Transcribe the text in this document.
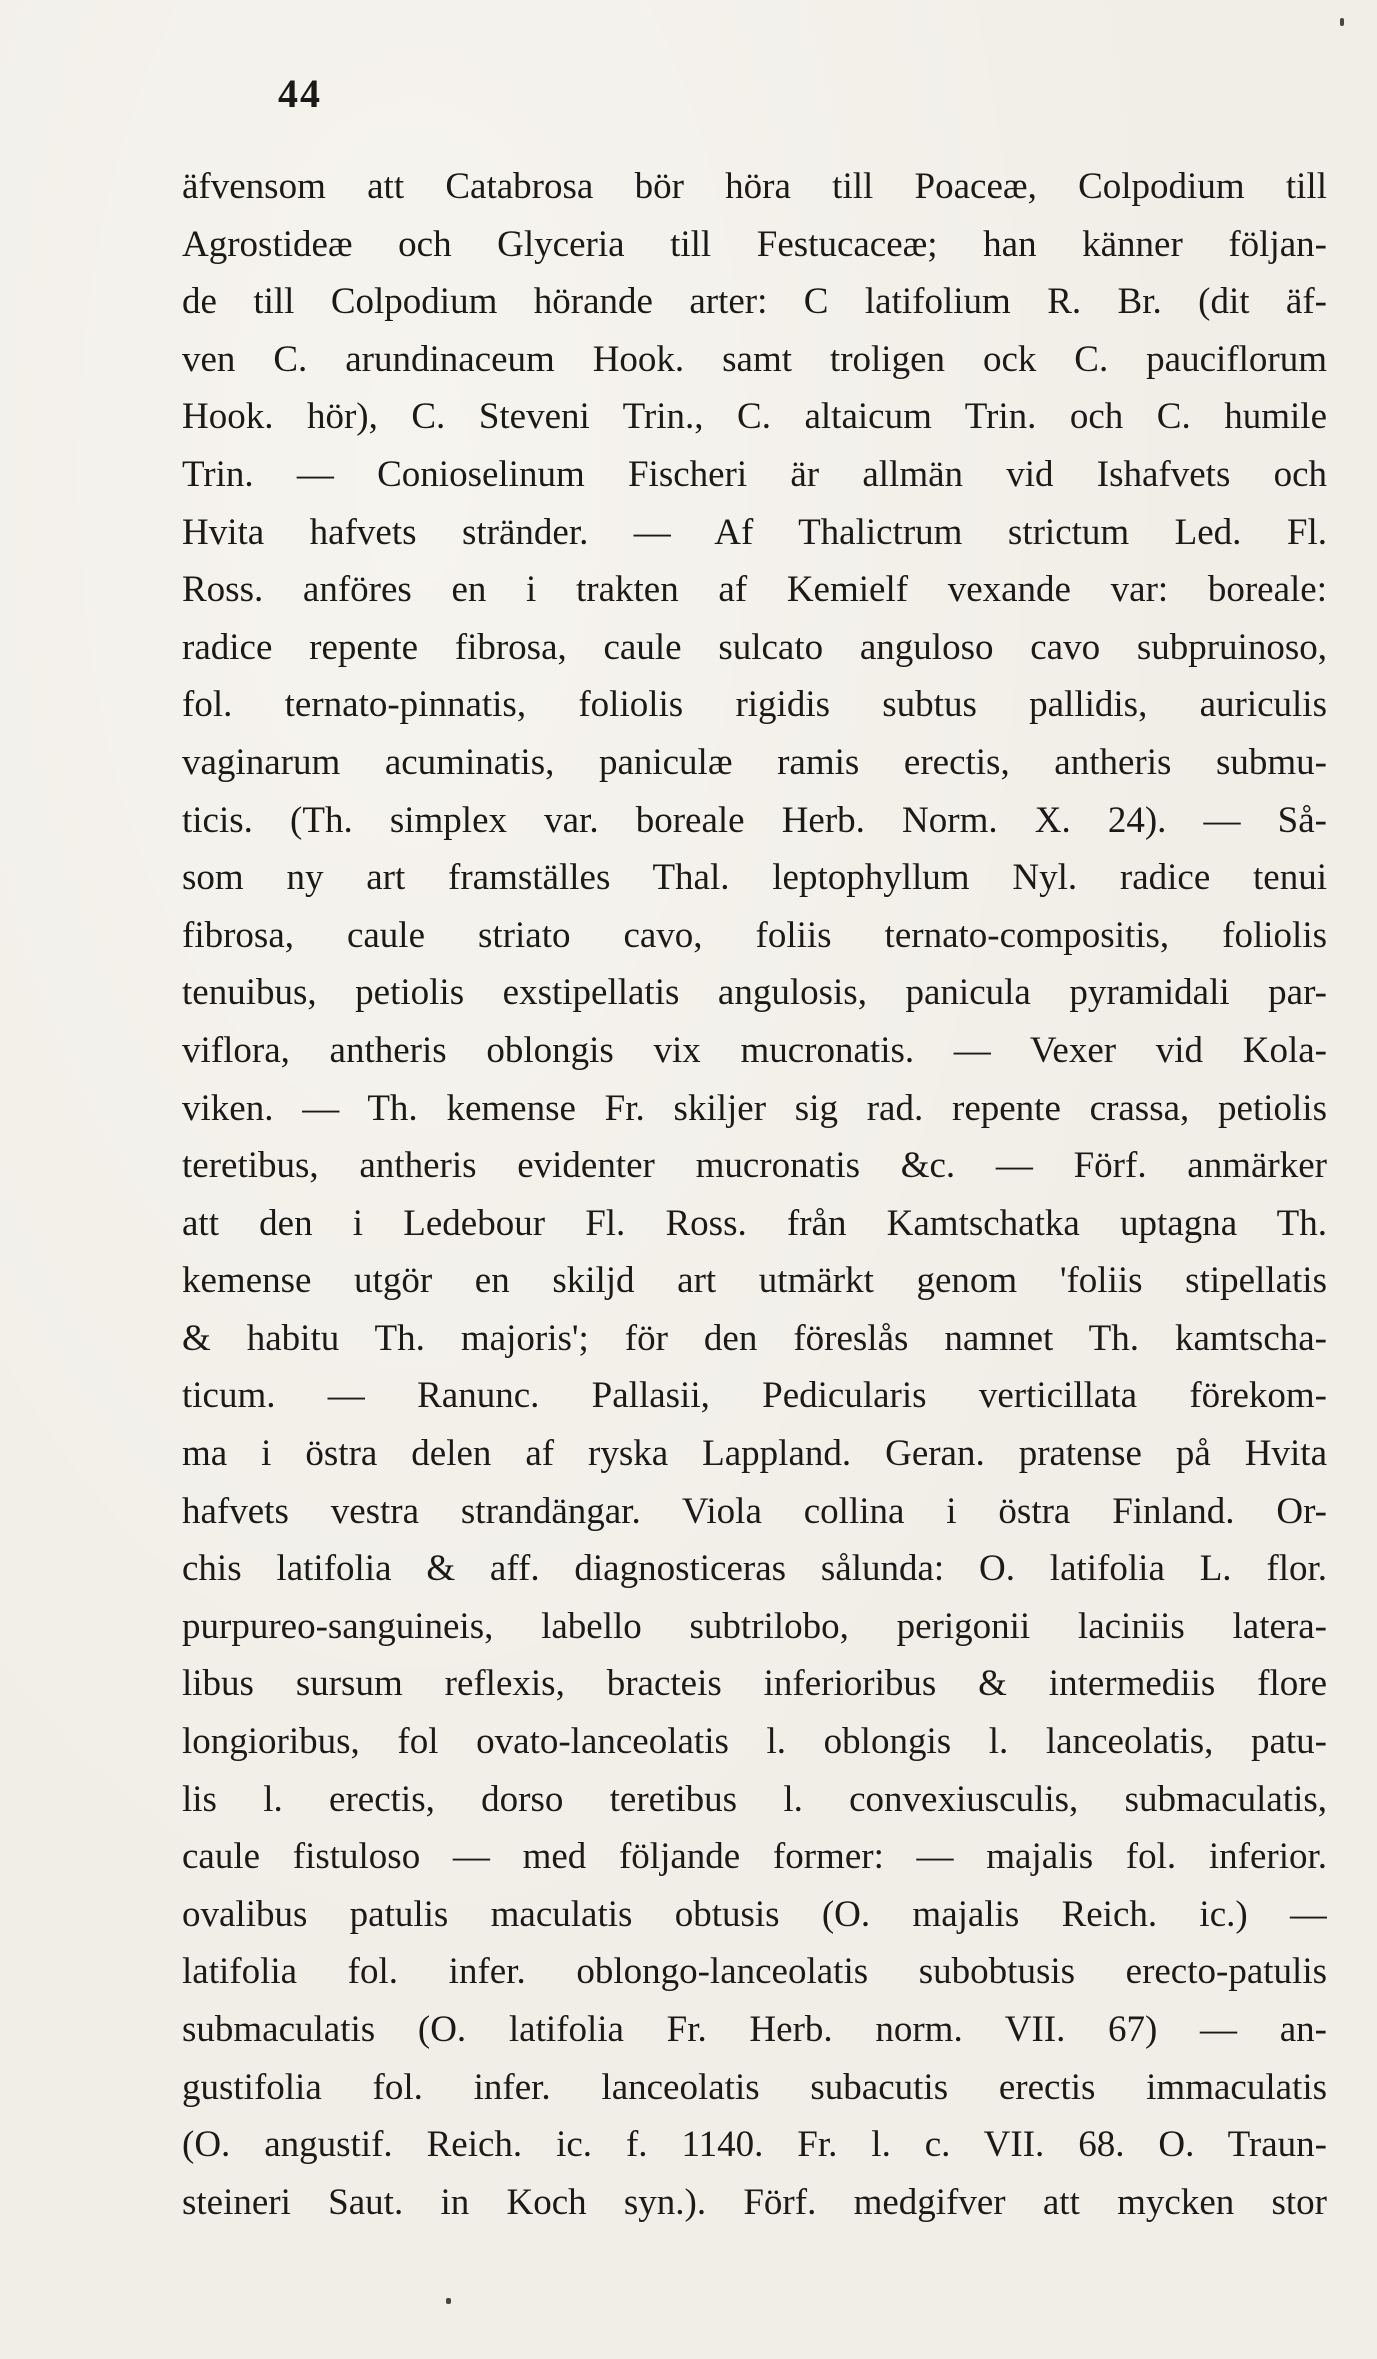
44
äfvensom att Catabrosa bör höra till Poaceæ, Colpodium till
Agrostideæ och Glyceria till Festucaceæ; han känner följan-
de till Colpodium hörande arter: C latifolium R. Br. (dit äf-
ven C. arundinaceum Hook. samt troligen ock C. pauciflorum
Hook. hör), C. Steveni Trin., C. altaicum Trin. och C. humile
Trin. — Conioselinum Fischeri är allmän vid Ishafvets och
Hvita hafvets stränder. — Af Thalictrum strictum Led. Fl.
Ross. anföres en i trakten af Kemielf vexande var: boreale:
radice repente fibrosa, caule sulcato anguloso cavo subpruinoso,
fol. ternato-pinnatis, foliolis rigidis subtus pallidis, auriculis
vaginarum acuminatis, paniculæ ramis erectis, antheris submu-
ticis. (Th. simplex var. boreale Herb. Norm. X. 24). — Så-
som ny art framställes Thal. leptophyllum Nyl. radice tenui
fibrosa, caule striato cavo, foliis ternato-compositis, foliolis
tenuibus, petiolis exstipellatis angulosis, panicula pyramidali par-
viflora, antheris oblongis vix mucronatis. — Vexer vid Kola-
viken. — Th. kemense Fr. skiljer sig rad. repente crassa, petiolis
teretibus, antheris evidenter mucronatis &c. — Förf. anmärker
att den i Ledebour Fl. Ross. från Kamtschatka uptagna Th.
kemense utgör en skiljd art utmärkt genom 'foliis stipellatis
& habitu Th. majoris'; för den föreslås namnet Th. kamtscha-
ticum. — Ranunc. Pallasii, Pedicularis verticillata förekom-
ma i östra delen af ryska Lappland. Geran. pratense på Hvita
hafvets vestra strandängar. Viola collina i östra Finland. Or-
chis latifolia & aff. diagnosticeras sålunda: O. latifolia L. flor.
purpureo-sanguineis, labello subtrilobo, perigonii laciniis latera-
libus sursum reflexis, bracteis inferioribus & intermediis flore
longioribus, fol ovato-lanceolatis l. oblongis l. lanceolatis, patu-
lis l. erectis, dorso teretibus l. convexiusculis, submaculatis,
caule fistuloso — med följande former: — majalis fol. inferior.
ovalibus patulis maculatis obtusis (O. majalis Reich. ic.) —
latifolia fol. infer. oblongo-lanceolatis subobtusis erecto-patulis
submaculatis (O. latifolia Fr. Herb. norm. VII. 67) — an-
gustifolia fol. infer. lanceolatis subacutis erectis immaculatis
(O. angustif. Reich. ic. f. 1140. Fr. l. c. VII. 68. O. Traun-
steineri Saut. in Koch syn.). Förf. medgifver att mycken stor
